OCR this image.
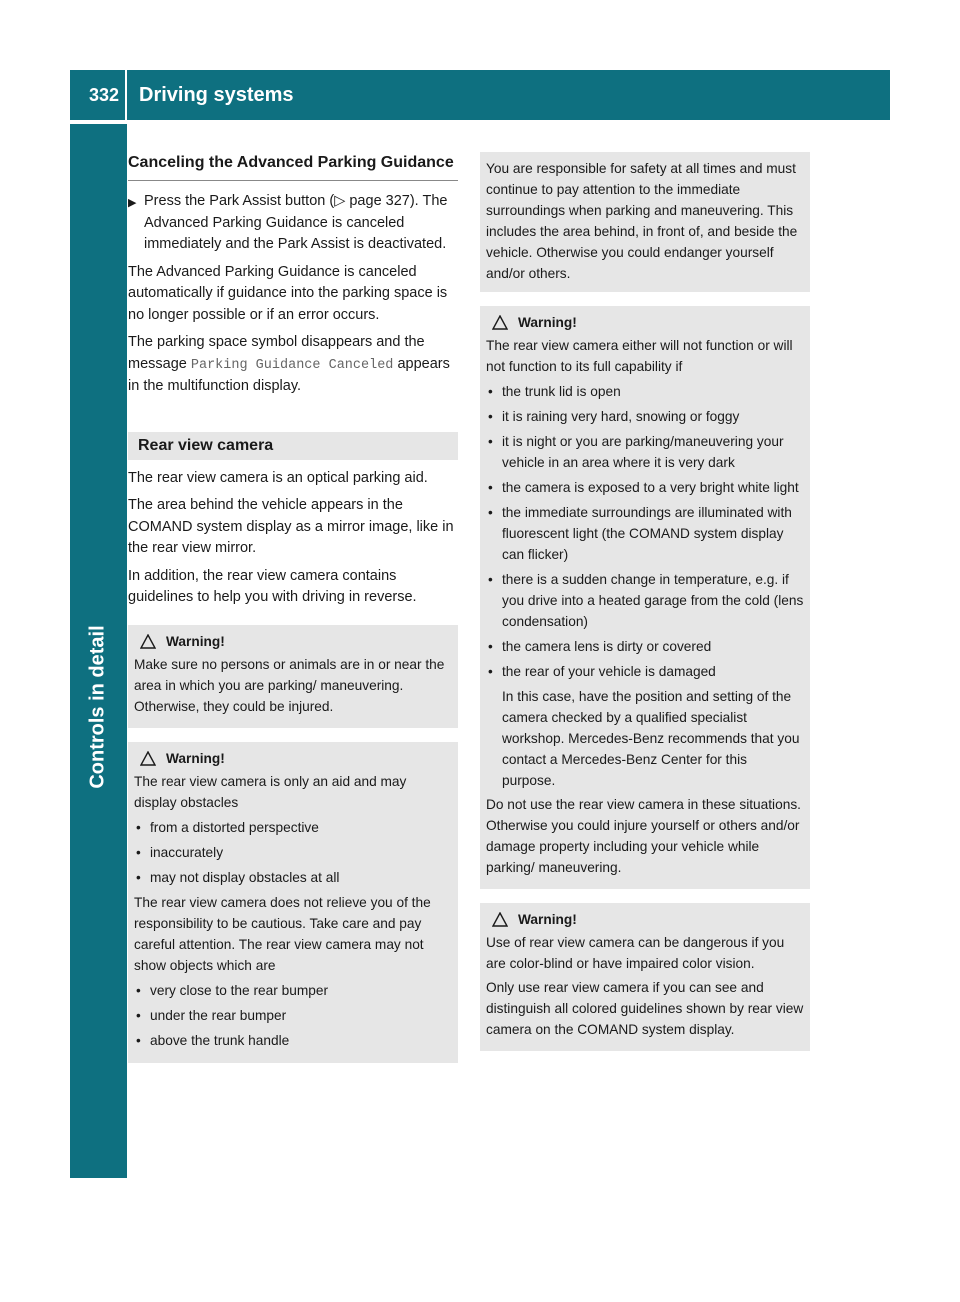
332	Driving systems
Controls in detail
Canceling the Advanced Parking Guidance
▶ Press the Park Assist button (▷ page 327). The Advanced Parking Guidance is canceled immediately and the Park Assist is deactivated.

The Advanced Parking Guidance is canceled automatically if guidance into the parking space is no longer possible or if an error occurs.

The parking space symbol disappears and the message Parking Guidance Canceled appears in the multifunction display.

Rear view camera

The rear view camera is an optical parking aid.

The area behind the vehicle appears in the COMAND system display as a mirror image, like in the rear view mirror.

In addition, the rear view camera contains guidelines to help you with driving in reverse.

Warning!

Make sure no persons or animals are in or near the area in which you are parking/ maneuvering. Otherwise, they could be injured.

Warning!

The rear view camera is only an aid and may display obstacles

• from a distorted perspective
• inaccurately
• may not display obstacles at all

The rear view camera does not relieve you of the responsibility to be cautious. Take care and pay careful attention. The rear view camera may not show objects which are

• very close to the rear bumper
• under the rear bumper
• above the trunk handle
You are responsible for safety at all times and must continue to pay attention to the immediate surroundings when parking and maneuvering. This includes the area behind, in front of, and beside the vehicle. Otherwise you could endanger yourself and/or others.
Warning!

The rear view camera either will not function or will not function to its full capability if

• the trunk lid is open
• it is raining very hard, snowing or foggy
• it is night or you are parking/maneuvering your vehicle in an area where it is very dark
• the camera is exposed to a very bright white light
• the immediate surroundings are illuminated with fluorescent light (the COMAND system display can flicker)
• there is a sudden change in temperature, e.g. if you drive into a heated garage from the cold (lens condensation)
• the camera lens is dirty or covered
• the rear of your vehicle is damaged

In this case, have the position and setting of the camera checked by a qualified specialist workshop. Mercedes-Benz recommends that you contact a Mercedes-Benz Center for this purpose.

Do not use the rear view camera in these situations. Otherwise you could injure yourself or others and/or damage property including your vehicle while parking/ maneuvering.

Warning!

Use of rear view camera can be dangerous if you are color-blind or have impaired color vision.

Only use rear view camera if you can see and distinguish all colored guidelines shown by rear view camera on the COMAND system display.
